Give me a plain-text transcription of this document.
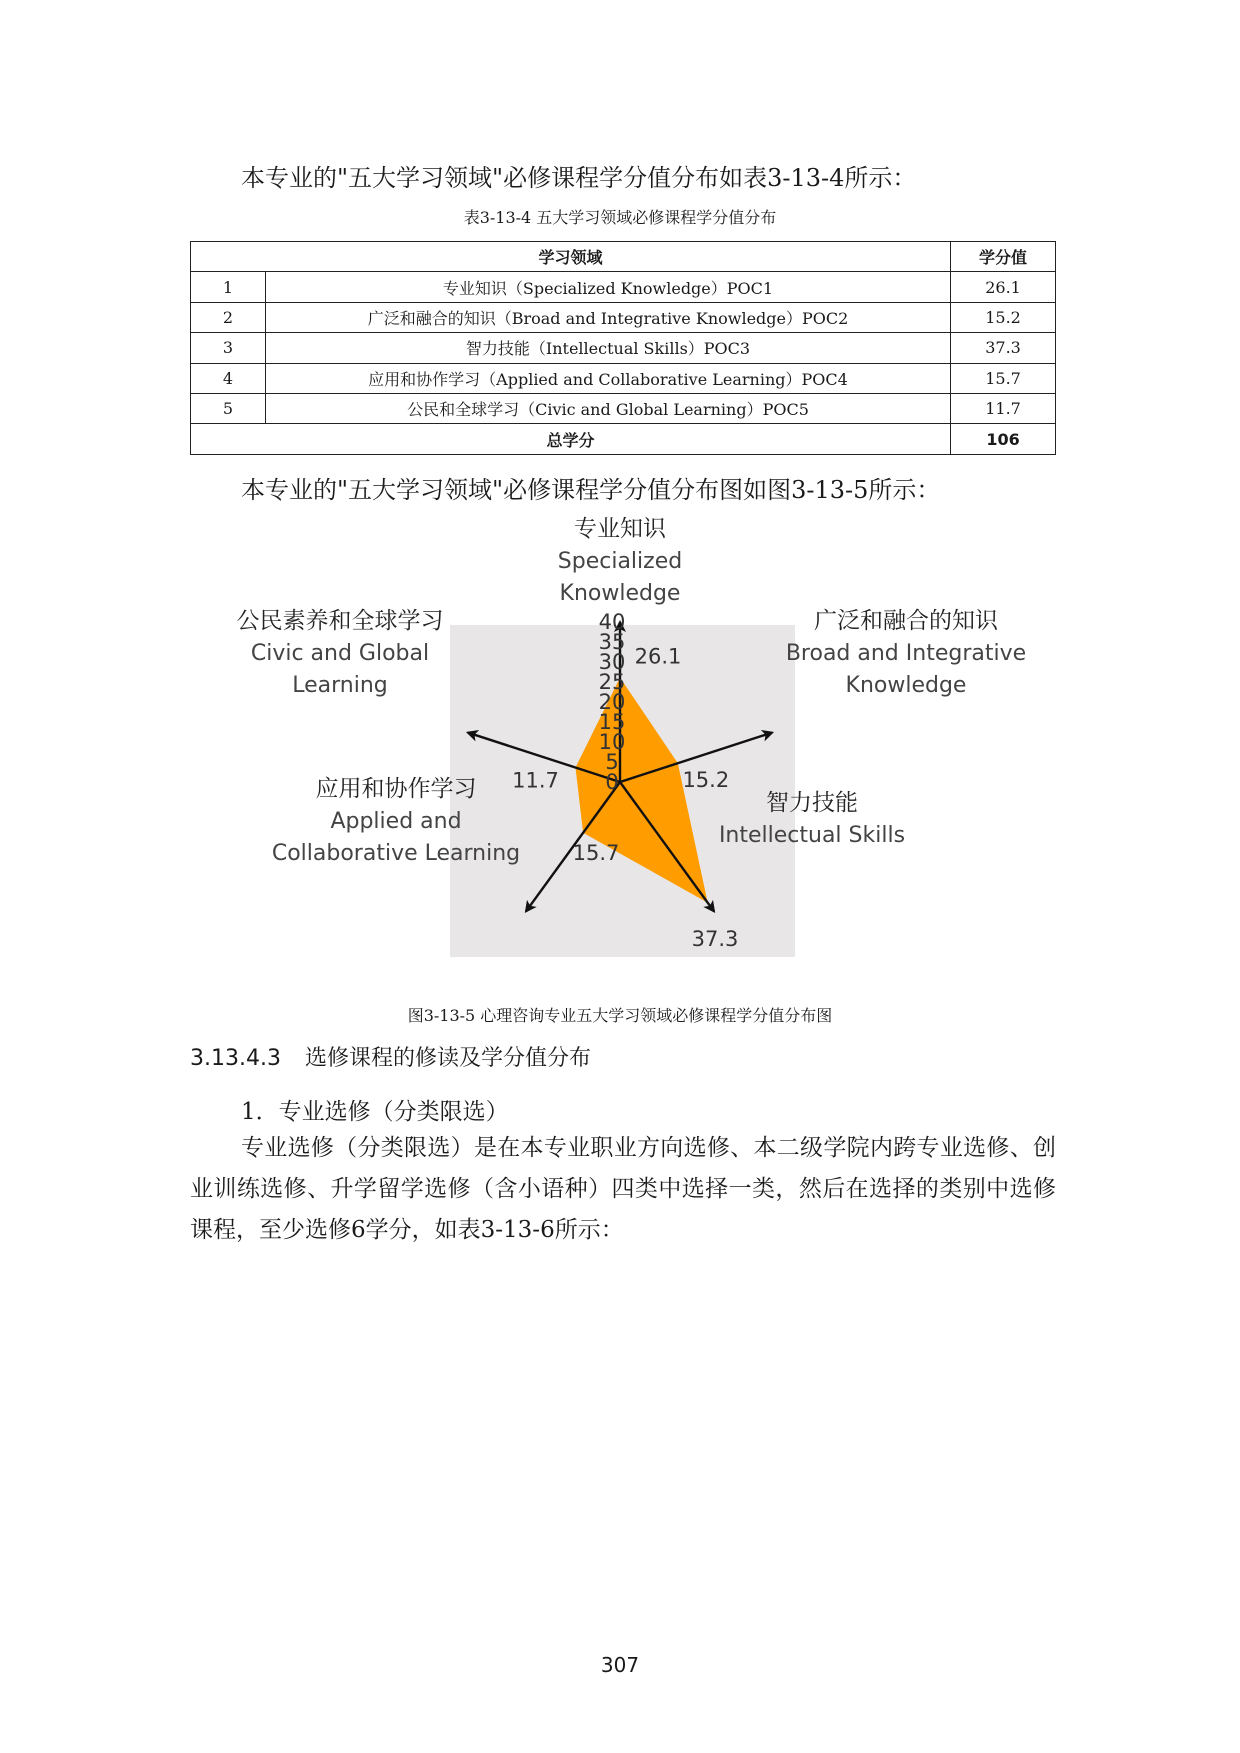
本专业的"五大学习领域"必修课程学分值分布如表3-13-4所示：
表3-13-4 五大学习领域必修课程学分值分布
学习领域		学分值
1	专业知识（Specialized Knowledge）POC1	26.1
2	广泛和融合的知识（Broad and Integrative Knowledge）POC2	15.2
3	智力技能（Intellectual Skills）POC3	37.3
4	应用和协作学习（Applied and Collaborative Learning）POC4	15.7
5	公民和全球学习（Civic and Global Learning）POC5	11.7
总学分		106
本专业的"五大学习领域"必修课程学分值分布图如图3-13-5所示：
0
5
10
15
20
25
30
35
40
26.1
15.2
37.3
15.7
11.7
专业知识
Specialized
Knowledge
广泛和融合的知识
Broad and Integrative
Knowledge
智力技能
Intellectual Skills
应用和协作学习
Applied and
Collaborative Learning
公民素养和全球学习
Civic and Global
Learning
图3-13-5 心理咨询专业五大学习领域必修课程学分值分布图
3.13.4.3 选修课程的修读及学分值分布
1．专业选修（分类限选）
专业选修（分类限选）是在本专业职业方向选修、本二级学院内跨专业选修、创业训练选修、升学留学选修（含小语种）四类中选择一类，然后在选择的类别中选修课程，至少选修6学分，如表3-13-6所示：
307
